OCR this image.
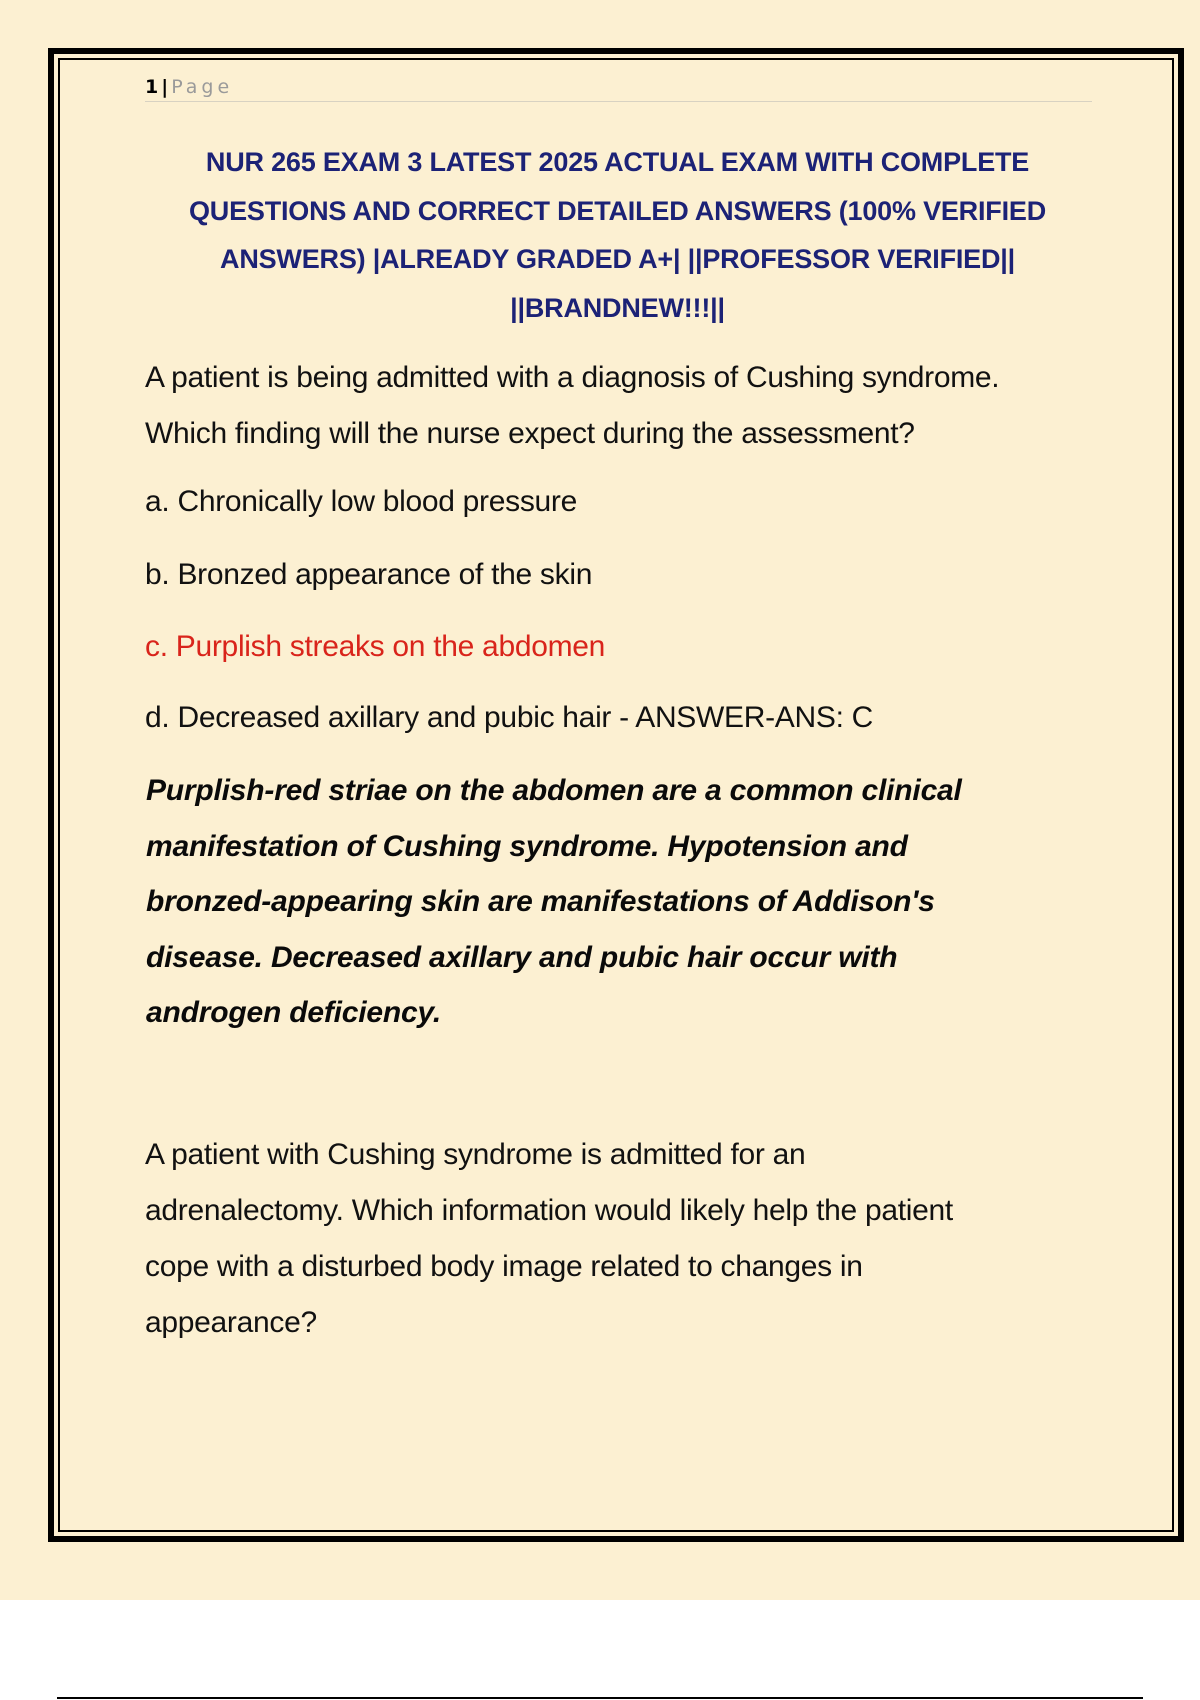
1 | Page
NUR 265 EXAM 3 LATEST 2025 ACTUAL EXAM WITH COMPLETE
QUESTIONS AND CORRECT DETAILED ANSWERS (100% VERIFIED
ANSWERS) |ALREADY GRADED A+| ||PROFESSOR VERIFIED||
||BRANDNEW!!!||
A patient is being admitted with a diagnosis of Cushing syndrome.
Which finding will the nurse expect during the assessment?
a. Chronically low blood pressure
b. Bronzed appearance of the skin
c. Purplish streaks on the abdomen
d. Decreased axillary and pubic hair - ANSWER-ANS: C
Purplish-red striae on the abdomen are a common clinical
manifestation of Cushing syndrome. Hypotension and
bronzed-appearing skin are manifestations of Addison's
disease. Decreased axillary and pubic hair occur with
androgen deficiency.
A patient with Cushing syndrome is admitted for an
adrenalectomy. Which information would likely help the patient
cope with a disturbed body image related to changes in
appearance?
